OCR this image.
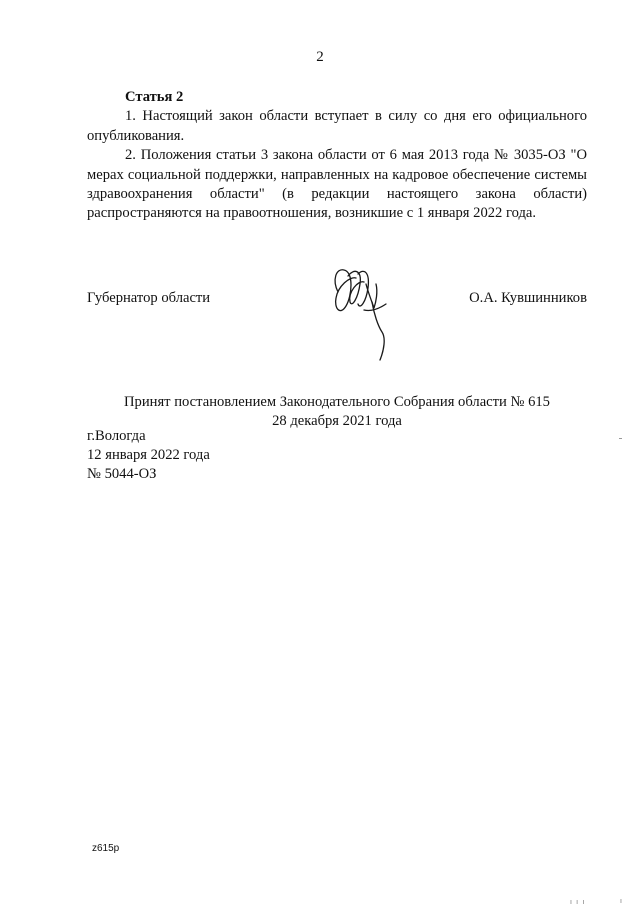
2
Статья 2

1. Настоящий закон области вступает в силу со дня его официального опубликования.

2. Положения статьи 3 закона области от 6 мая 2013 года № 3035-ОЗ "О мерах социальной поддержки, направленных на кадровое обеспечение системы здравоохранения области" (в редакции настоящего закона области) распространяются на правоотношения, возникшие с 1 января 2022 года.

Губернатор области	О.А. Кувшинников
Принят постановлением Законодательного Собрания области № 615
28 декабря 2021 года
г.Вологда
12 января 2022 года
№ 5044-ОЗ
z615p
ı ı ı	ı
